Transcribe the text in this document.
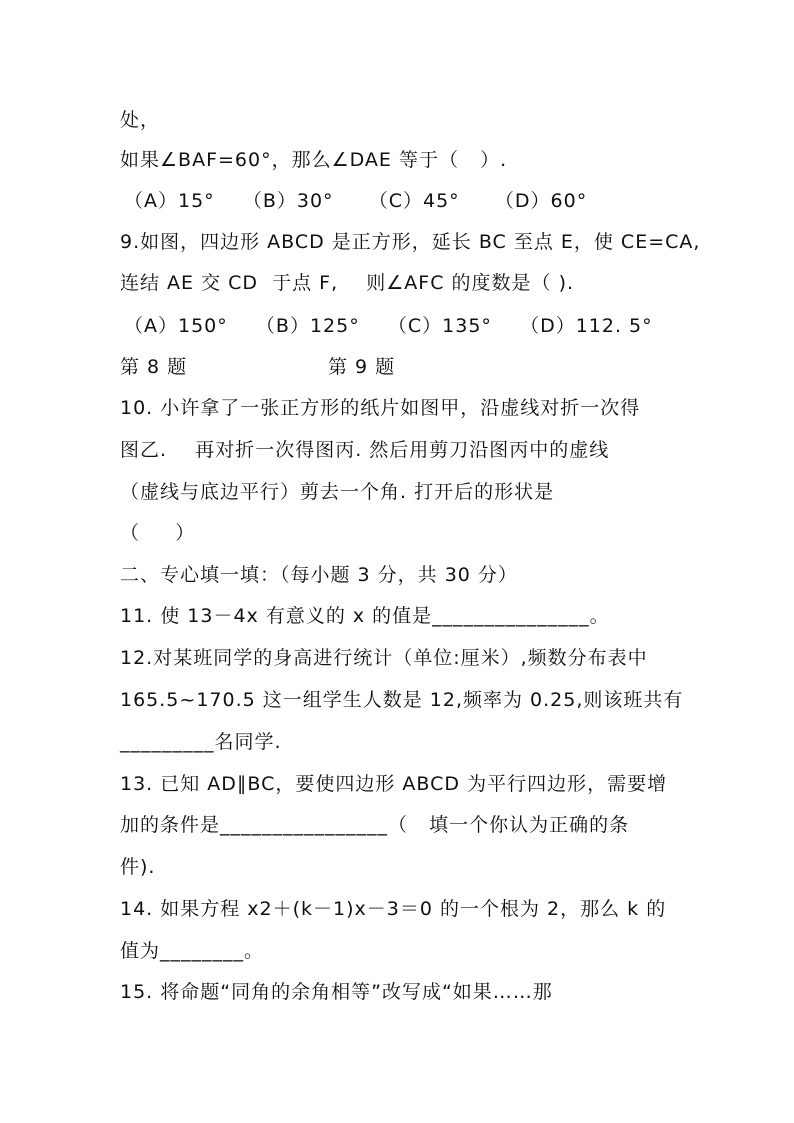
处，
如果∠BAF=60°，那么∠DAE 等于（   ）.
（A）15°    （B）30°     （C）45°     （D）60°
9.如图，四边形 ABCD 是正方形，延长 BC 至点 E，使 CE=CA,
连结 AE 交 CD  于点 F,    则∠AFC 的度数是（ ).
（A）150°    （B）125°    （C）135°    （D）112. 5°
第 8 题                    第 9 题
10. 小许拿了一张正方形的纸片如图甲，沿虚线对折一次得
图乙.    再对折一次得图丙. 然后用剪刀沿图丙中的虚线
（虚线与底边平行）剪去一个角. 打开后的形状是
（     ）
二、专心填一填：（每小题 3 分，共 30 分）
11. 使 13－4x 有意义的 x 的值是_______________。
12.对某班同学的身高进行统计（单位:厘米）,频数分布表中
165.5~170.5 这一组学生人数是 12,频率为 0.25,则该班共有
_________名同学.
13. 已知 AD∥BC，要使四边形 ABCD 为平行四边形，需要增
加的条件是________________（   填一个你认为正确的条
件).
14. 如果方程 x2＋(k－1)x－3＝0 的一个根为 2，那么 k 的
值为________。
15. 将命题“同角的余角相等”改写成“如果……那
